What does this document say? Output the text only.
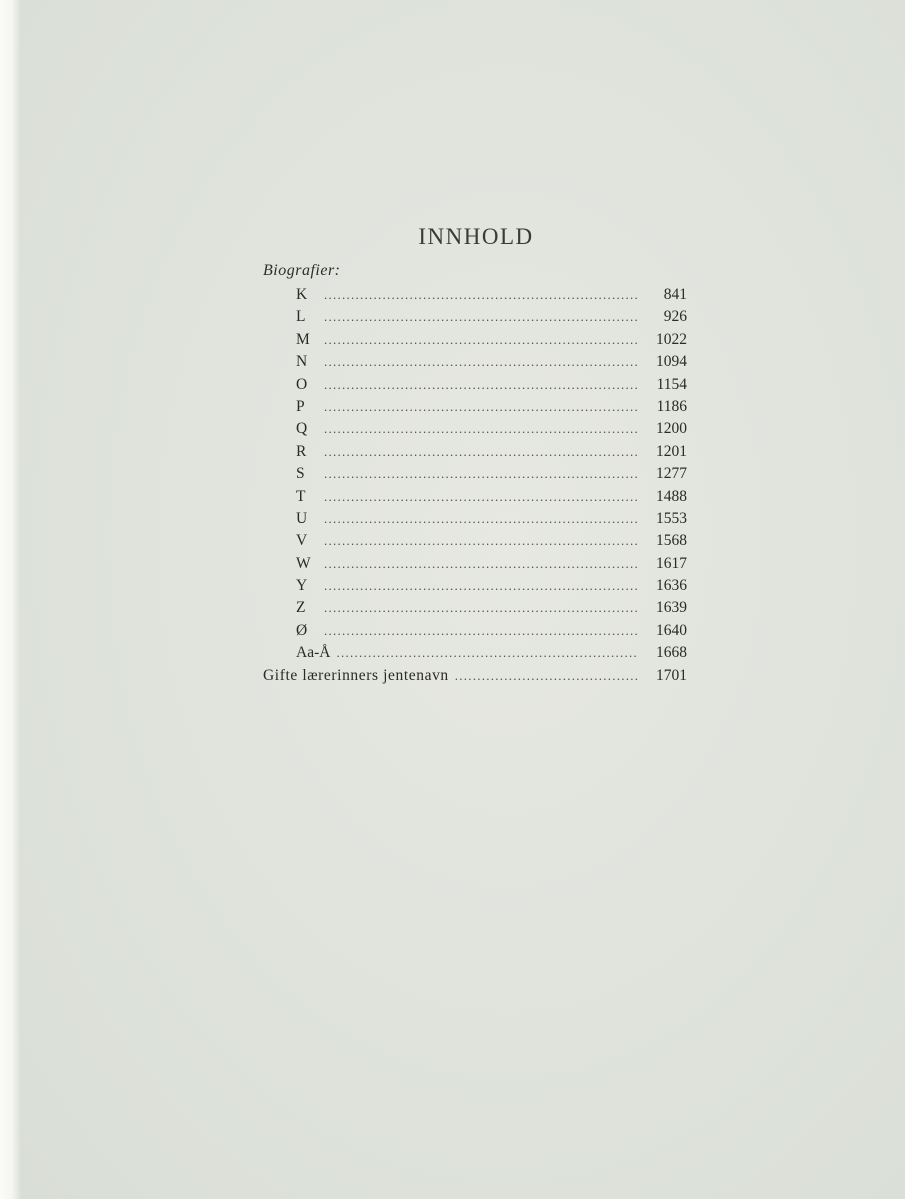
INNHOLD
Biografier:
K . . .	841
L . . .	926
M . . .	1022
N . . .	1094
O . . .	1154
P . . .	1186
Q . . .	1200
R . . .	1201
S . . .	1277
T . . .	1488
U . . .	1553
V . . .	1568
W . . .	1617
Y . . .	1636
Z . . .	1639
Ø . . .	1640
Aa-Å . . .	1668
Gifte lærerinners jentenavn . . .	1701
